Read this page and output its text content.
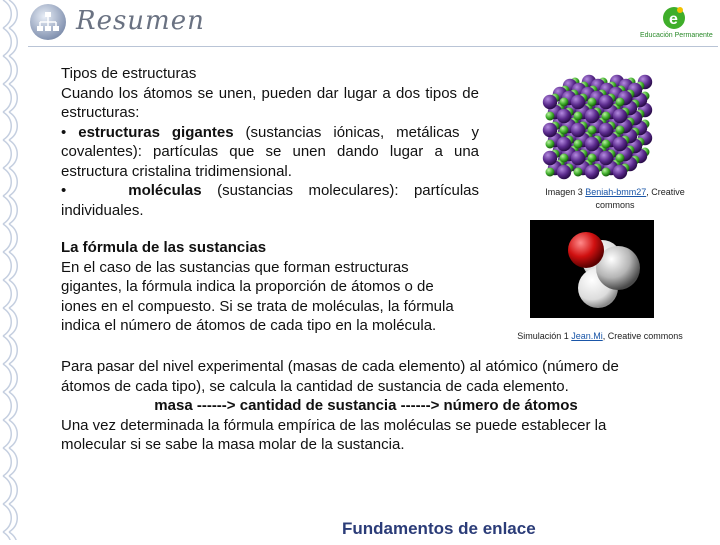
Resumen	e
Educación Permanente
Tipos de estructuras
Cuando los átomos se unen, pueden dar lugar a dos tipos de estructuras:
• estructuras gigantes (sustancias iónicas, metálicas y covalentes): partículas que se unen dando lugar a una estructura cristalina tridimensional.
•	moléculas (sustancias moleculares): partículas individuales.
Imagen 3 Beniah-bmm27, Creative commons
La fórmula de las sustancias
En el caso de las sustancias que forman estructuras gigantes, la fórmula indica la proporción de átomos o de iones en el compuesto. Si se trata de moléculas, la fórmula indica el número de átomos de cada tipo en la molécula.
Simulación 1 Jean.Mi, Creative commons
Para pasar del nivel experimental (masas de cada elemento) al atómico (número de átomos de cada tipo), se calcula la cantidad de sustancia de cada elemento.
masa ------> cantidad de sustancia ------> número de átomos
Una vez determinada la fórmula empírica de las moléculas se puede establecer la molecular si se sabe la masa molar de la sustancia.
Fundamentos de enlace
